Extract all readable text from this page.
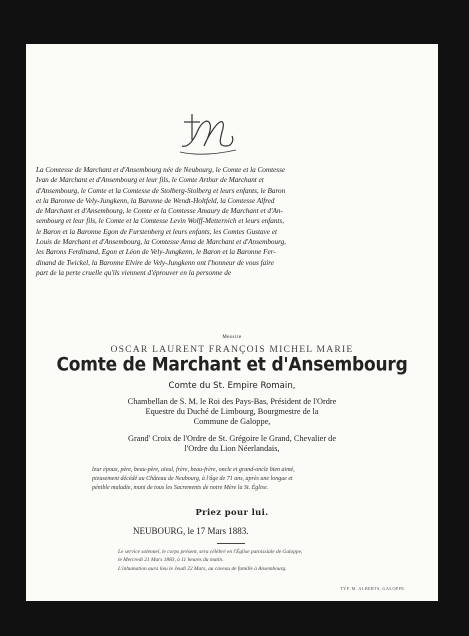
La Comtesse de Marchant et d'Ansembourg née de Neubourg, le Comte et la Comtesse

Ivan de Marchant et d'Ansembourg et leur fils, le Comte Arthur de Marchant et

d'Ansembourg, le Comte et la Comtesse de Stolberg-Stolberg et leurs enfants, le Baron

et la Baronne de Vely-Jungkenn, la Baronne de Wendt-Holtfeld, la Comtesse Alfred

de Marchant et d'Ansembourg, le Comte et la Comtesse Amaury de Marchant et d'An-

sembourg et leur fils, le Comte et la Comtesse Levin Wolff-Metternich et leurs enfants,

le Baron et la Baronne Egon de Furstenberg et leurs enfants, les Comtes Gustave et

Louis de Marchant et d'Ansembourg, la Comtesse Anna de Marchant et d'Ansembourg,

les Barons Ferdinand, Egon et Léon de Vely-Jungkenn, le Baron et la Baronne Fer-

dinand de Twickel, la Baronne Elvire de Vely-Jungkenn ont l'honneur de vous faire

part de la perte cruelle qu'ils viennent d'éprouver en la personne de

Messire
OSCAR LAURENT FRANÇOIS MICHEL MARIE
Comte de Marchant et d'Ansembourg
Comte du St. Empire Romain,
Chambellan de S. M. le Roi des Pays-Bas, Président de l'Ordre
Equestre du Duché de Limbourg, Bourgmestre de la
Commune de Galoppe,
Grand' Croix de l'Ordre de St. Grégoire le Grand, Chevalier de
l'Ordre du Lion Néerlandais,

leur époux, père, beau-père, aïeul, frère, beau-frère, oncle et grand-oncle bien aimé,

pieusement décédé au Château de Neubourg, à l'âge de 71 ans, après une longue et

pénible maladie, muni de tous les Sacrements de notre Mère la St. Église.

Priez pour lui.
NEUBOURG, le 17 Mars 1883.

Le service solennel, le corps présent, sera célébré en l'Église paroissiale de Galoppe,

le Mercredi 21 Mars 1883, à 11 heures du matin.

L'inhumation aura lieu le Jeudi 22 Mars, au caveau de famille à Ansembourg.

TYP. M. ALBERTS, GALOPPE.
